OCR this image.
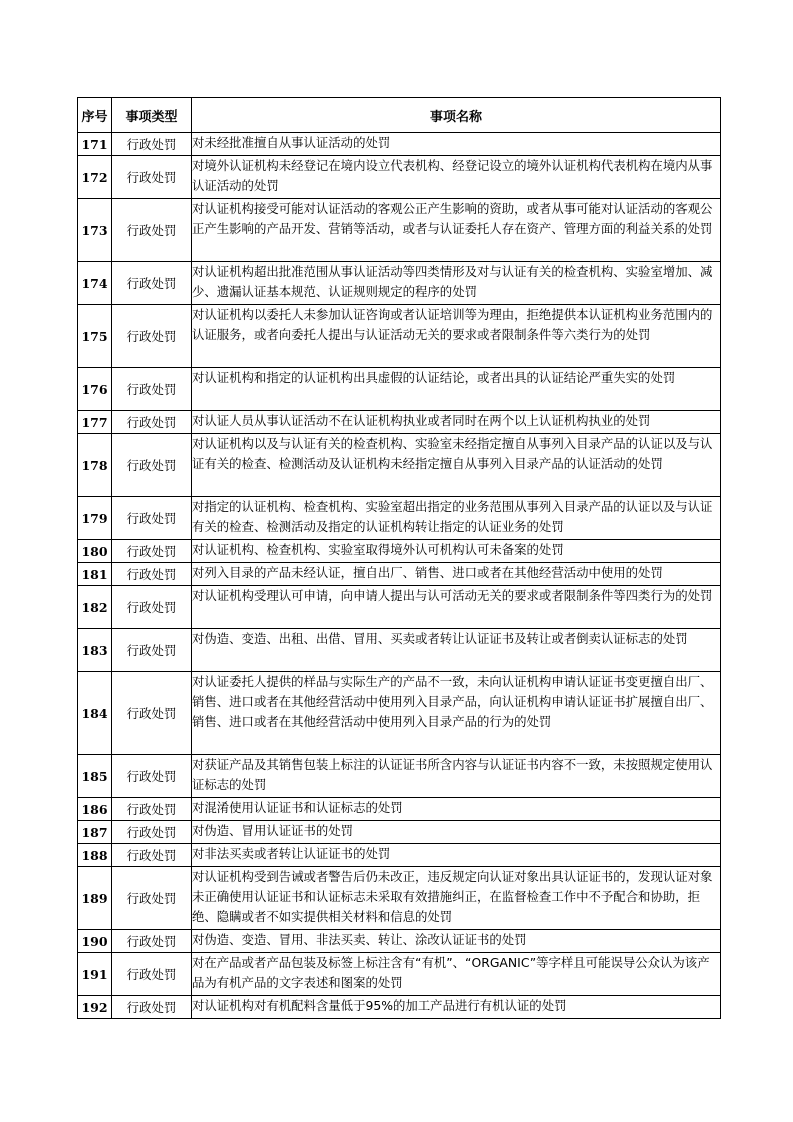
序号	事项类型	事项名称
171	行政处罚	对未经批准擅自从事认证活动的处罚
172	行政处罚	对境外认证机构未经登记在境内设立代表机构、经登记设立的境外认证机构代表机构在境内从事认证活动的处罚
173	行政处罚	对认证机构接受可能对认证活动的客观公正产生影响的资助，或者从事可能对认证活动的客观公正产生影响的产品开发、营销等活动，或者与认证委托人存在资产、管理方面的利益关系的处罚
174	行政处罚	对认证机构超出批准范围从事认证活动等四类情形及对与认证有关的检查机构、实验室增加、减少、遗漏认证基本规范、认证规则规定的程序的处罚
175	行政处罚	对认证机构以委托人未参加认证咨询或者认证培训等为理由，拒绝提供本认证机构业务范围内的认证服务，或者向委托人提出与认证活动无关的要求或者限制条件等六类行为的处罚
176	行政处罚	对认证机构和指定的认证机构出具虚假的认证结论，或者出具的认证结论严重失实的处罚
177	行政处罚	对认证人员从事认证活动不在认证机构执业或者同时在两个以上认证机构执业的处罚
178	行政处罚	对认证机构以及与认证有关的检查机构、实验室未经指定擅自从事列入目录产品的认证以及与认证有关的检查、检测活动及认证机构未经指定擅自从事列入目录产品的认证活动的处罚
179	行政处罚	对指定的认证机构、检查机构、实验室超出指定的业务范围从事列入目录产品的认证以及与认证有关的检查、检测活动及指定的认证机构转让指定的认证业务的处罚
180	行政处罚	对认证机构、检查机构、实验室取得境外认可机构认可未备案的处罚
181	行政处罚	对列入目录的产品未经认证，擅自出厂、销售、进口或者在其他经营活动中使用的处罚
182	行政处罚	对认证机构受理认可申请，向申请人提出与认可活动无关的要求或者限制条件等四类行为的处罚
183	行政处罚	对伪造、变造、出租、出借、冒用、买卖或者转让认证证书及转让或者倒卖认证标志的处罚
184	行政处罚	对认证委托人提供的样品与实际生产的产品不一致，未向认证机构申请认证证书变更擅自出厂、销售、进口或者在其他经营活动中使用列入目录产品，向认证机构申请认证证书扩展擅自出厂、销售、进口或者在其他经营活动中使用列入目录产品的行为的处罚
185	行政处罚	对获证产品及其销售包装上标注的认证证书所含内容与认证证书内容不一致，未按照规定使用认证标志的处罚
186	行政处罚	对混淆使用认证证书和认证标志的处罚
187	行政处罚	对伪造、冒用认证证书的处罚
188	行政处罚	对非法买卖或者转让认证证书的处罚
189	行政处罚	对认证机构受到告诫或者警告后仍未改正，违反规定向认证对象出具认证证书的，发现认证对象未正确使用认证证书和认证标志未采取有效措施纠正，在监督检查工作中不予配合和协助，拒绝、隐瞒或者不如实提供相关材料和信息的处罚
190	行政处罚	对伪造、变造、冒用、非法买卖、转让、涂改认证证书的处罚
191	行政处罚	对在产品或者产品包装及标签上标注含有“有机”、“ORGANIC”等字样且可能误导公众认为该产品为有机产品的文字表述和图案的处罚
192	行政处罚	对认证机构对有机配料含量低于95%的加工产品进行有机认证的处罚
